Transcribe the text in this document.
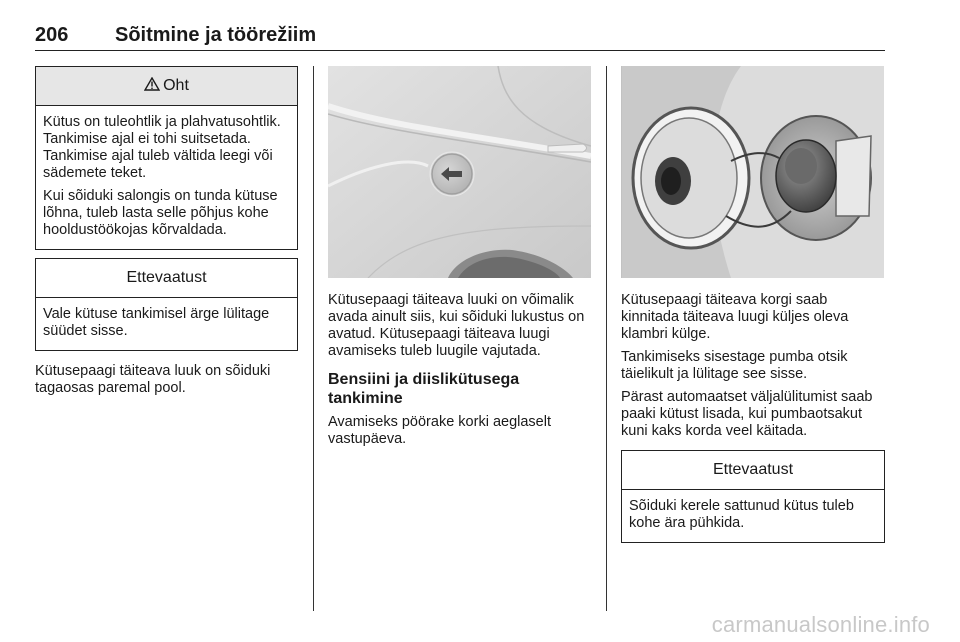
206 Sõitmine ja töörežiim
Oht

Kütus on tuleohtlik ja plahvatusohtlik. Tankimise ajal ei tohi suitsetada. Tankimise ajal tuleb vältida leegi või sädemete teket.

Kui sõiduki salongis on tunda kütuse lõhna, tuleb lasta selle põhjus kohe hooldustöökojas kõrvaldada.

Ettevaatust

Vale kütuse tankimisel ärge lülitage süüdet sisse.

Kütusepaagi täiteava luuk on sõiduki tagaosas paremal pool.

Kütusepaagi täiteava luuki on võimalik avada ainult siis, kui sõiduki lukustus on avatud. Kütusepaagi täiteava luugi avamiseks tuleb luugile vajutada.

Bensiini ja diislikütusega tankimine

Avamiseks pöörake korki aeglaselt vastupäeva.

Kütusepaagi täiteava korgi saab kinnitada täiteava luugi küljes oleva klambri külge.

Tankimiseks sisestage pumba otsik täielikult ja lülitage see sisse.

Pärast automaatset väljalülitumist saab paaki kütust lisada, kui pumbaotsakut kuni kaks korda veel käitada.

Ettevaatust

Sõiduki kerele sattunud kütus tuleb kohe ära pühkida.

carmanualsonline.info
